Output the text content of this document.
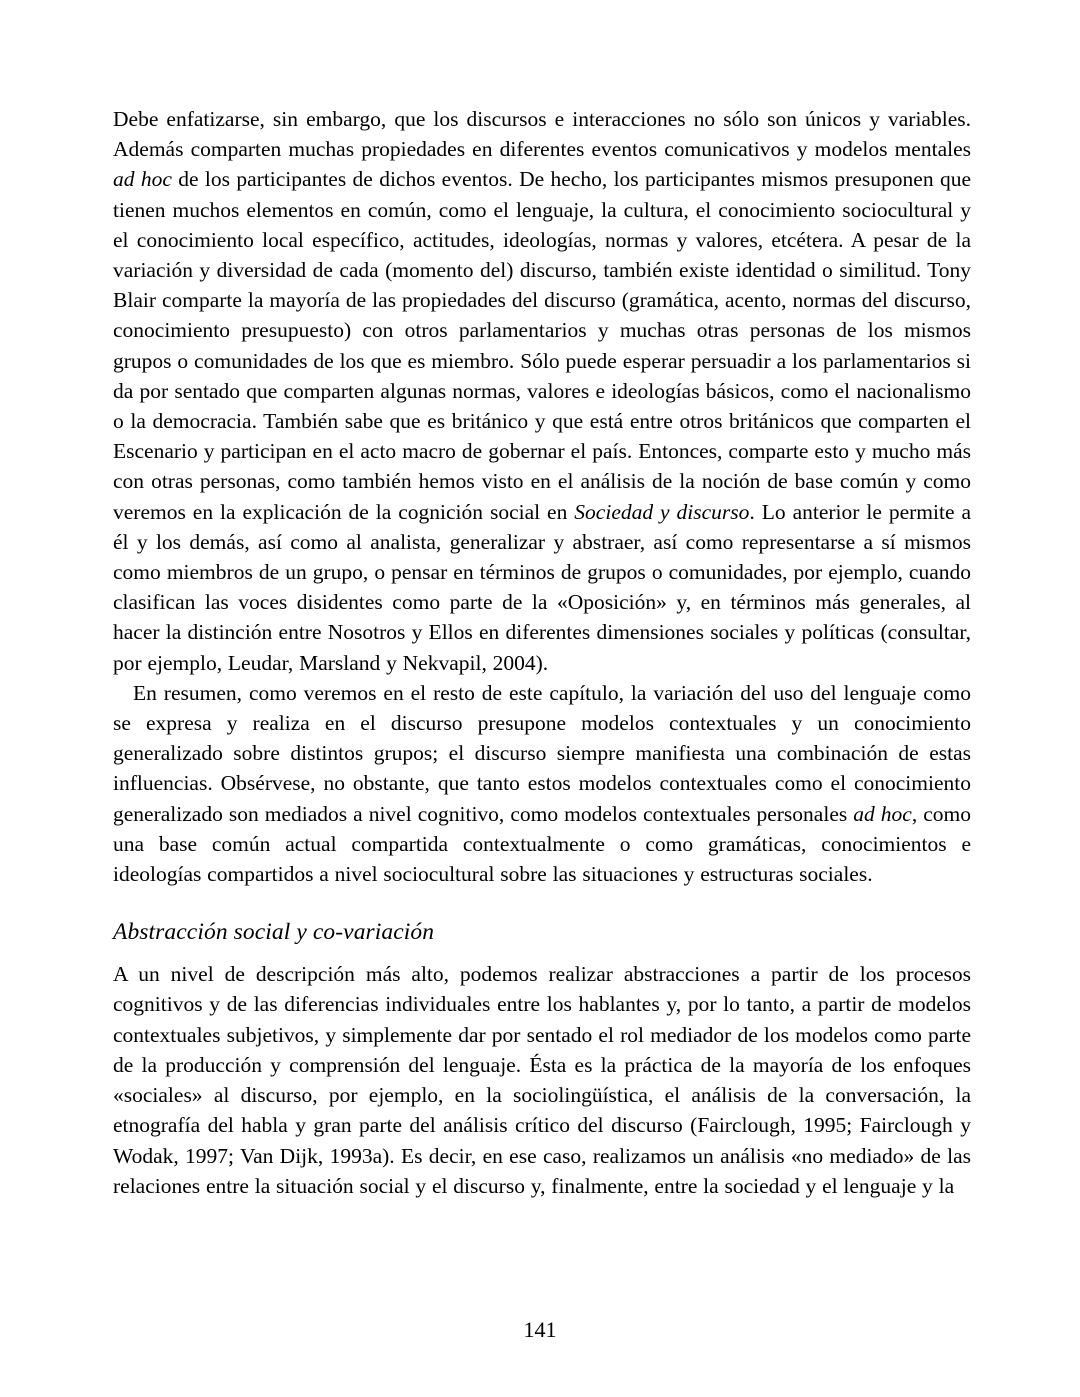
Debe enfatizarse, sin embargo, que los discursos e interacciones no sólo son únicos y variables. Además comparten muchas propiedades en diferentes eventos comunicativos y modelos mentales ad hoc de los participantes de dichos eventos. De hecho, los participantes mismos presuponen que tienen muchos elementos en común, como el lenguaje, la cultura, el conocimiento sociocultural y el conocimiento local específico, actitudes, ideologías, normas y valores, etcétera. A pesar de la variación y diversidad de cada (momento del) discurso, también existe identidad o similitud. Tony Blair comparte la mayoría de las propiedades del discurso (gramática, acento, normas del discurso, conocimiento presupuesto) con otros parlamentarios y muchas otras personas de los mismos grupos o comunidades de los que es miembro. Sólo puede esperar persuadir a los parlamentarios si da por sentado que comparten algunas normas, valores e ideologías básicos, como el nacionalismo o la democracia. También sabe que es británico y que está entre otros británicos que comparten el Escenario y participan en el acto macro de gobernar el país. Entonces, comparte esto y mucho más con otras personas, como también hemos visto en el análisis de la noción de base común y como veremos en la explicación de la cognición social en Sociedad y discurso. Lo anterior le permite a él y los demás, así como al analista, generalizar y abstraer, así como representarse a sí mismos como miembros de un grupo, o pensar en términos de grupos o comunidades, por ejemplo, cuando clasifican las voces disidentes como parte de la «Oposición» y, en términos más generales, al hacer la distinción entre Nosotros y Ellos en diferentes dimensiones sociales y políticas (consultar, por ejemplo, Leudar, Marsland y Nekvapil, 2004).

En resumen, como veremos en el resto de este capítulo, la variación del uso del lenguaje como se expresa y realiza en el discurso presupone modelos contextuales y un conocimiento generalizado sobre distintos grupos; el discurso siempre manifiesta una combinación de estas influencias. Obsérvese, no obstante, que tanto estos modelos contextuales como el conocimiento generalizado son mediados a nivel cognitivo, como modelos contextuales personales ad hoc, como una base común actual compartida contextualmente o como gramáticas, conocimientos e ideologías compartidos a nivel sociocultural sobre las situaciones y estructuras sociales.

Abstracción social y co-variación

A un nivel de descripción más alto, podemos realizar abstracciones a partir de los procesos cognitivos y de las diferencias individuales entre los hablantes y, por lo tanto, a partir de modelos contextuales subjetivos, y simplemente dar por sentado el rol mediador de los modelos como parte de la producción y comprensión del lenguaje. Ésta es la práctica de la mayoría de los enfoques «sociales» al discurso, por ejemplo, en la sociolingüística, el análisis de la conversación, la etnografía del habla y gran parte del análisis crítico del discurso (Fairclough, 1995; Fairclough y Wodak, 1997; Van Dijk, 1993a). Es decir, en ese caso, realizamos un análisis «no mediado» de las relaciones entre la situación social y el discurso y, finalmente, entre la sociedad y el lenguaje y la

141
